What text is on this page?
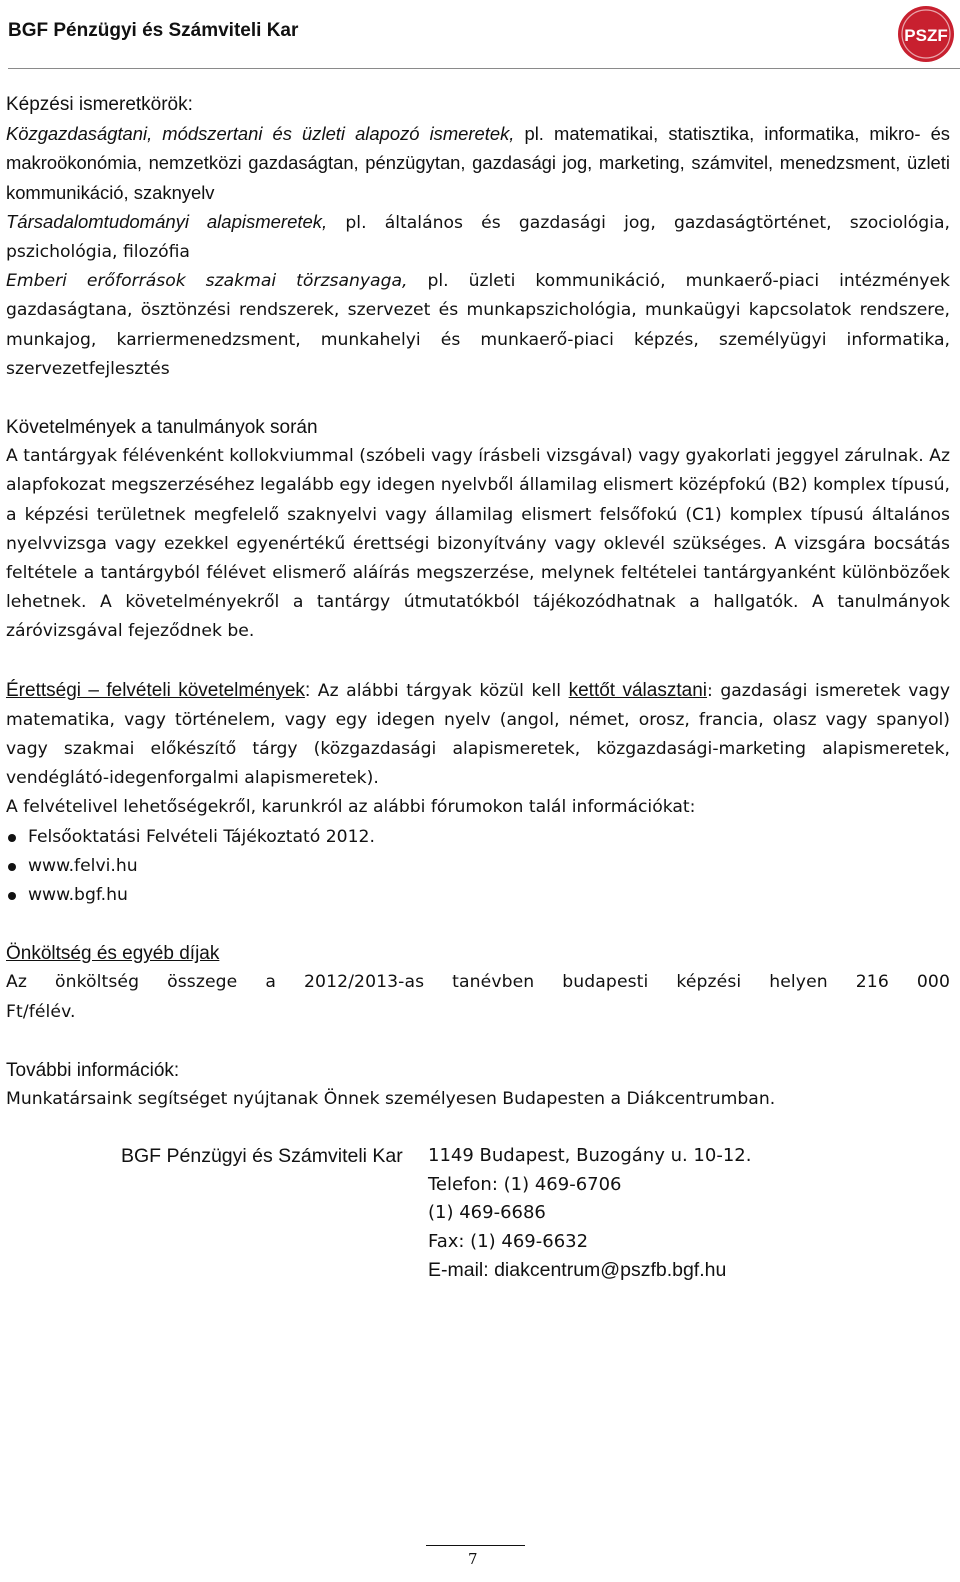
BGF Pénzügyi és Számviteli Kar	PSZF

Képzési ismeretkörök:

Közgazdaságtani, módszertani és üzleti alapozó ismeretek, pl. matematikai, statisztika, informatika, mikro- és makroökonómia, nemzetközi gazdaságtan, pénzügytan, gazdasági jog, marketing, számvitel, menedzsment, üzleti kommunikáció, szaknyelv

Társadalomtudományi alapismeretek, pl. általános és gazdasági jog, gazdaságtörténet, szociológia, pszichológia, filozófia

Emberi erőforrások szakmai törzsanyaga, pl. üzleti kommunikáció, munkaerő-piaci intézmények gazdaságtana, ösztönzési rendszerek, szervezet és munkapszichológia, munkaügyi kapcsolatok rendszere, munkajog, karriermenedzsment, munkahelyi és munkaerő-piaci képzés, személyügyi informatika, szervezetfejlesztés

Követelmények a tanulmányok során

A tantárgyak félévenként kollokviummal (szóbeli vagy írásbeli vizsgával) vagy gyakorlati jeggyel zárulnak. Az alapfokozat megszerzéséhez legalább egy idegen nyelvből államilag elismert középfokú (B2) komplex típusú, a képzési területnek megfelelő szaknyelvi vagy államilag elismert felsőfokú (C1) komplex típusú általános nyelvvizsga vagy ezekkel egyenértékű érettségi bizonyítvány vagy oklevél szükséges. A vizsgára bocsátás feltétele a tantárgyból félévet elismerő aláírás megszerzése, melynek feltételei tantárgyanként különbözőek lehetnek. A követelményekről a tantárgy útmutatókból tájékozódhatnak a hallgatók. A tanulmányok záróvizsgával fejeződnek be.

Érettségi – felvételi követelmények: Az alábbi tárgyak közül kell kettőt választani: gazdasági ismeretek vagy matematika, vagy történelem, vagy egy idegen nyelv (angol, német, orosz, francia, olasz vagy spanyol) vagy szakmai előkészítő tárgy (közgazdasági alapismeretek, közgazdasági-marketing alapismeretek, vendéglátó-idegenforgalmi alapismeretek).

A felvételivel lehetőségekről, karunkról az alábbi fórumokon talál információkat:

Felsőoktatási Felvételi Tájékoztató 2012.
www.felvi.hu
www.bgf.hu

Önköltség és egyéb díjak

Az önköltség összege a 2012/2013-as tanévben budapesti képzési helyen 216 000 Ft/félév.

További információk:

Munkatársaink segítséget nyújtanak Önnek személyesen Budapesten a Diákcentrumban.

BGF Pénzügyi és Számviteli Kar	1149 Budapest, Buzogány u. 10-12.
Telefon: (1) 469-6706
(1) 469-6686
Fax: (1) 469-6632
E-mail: diakcentrum@pszfb.bgf.hu
7
